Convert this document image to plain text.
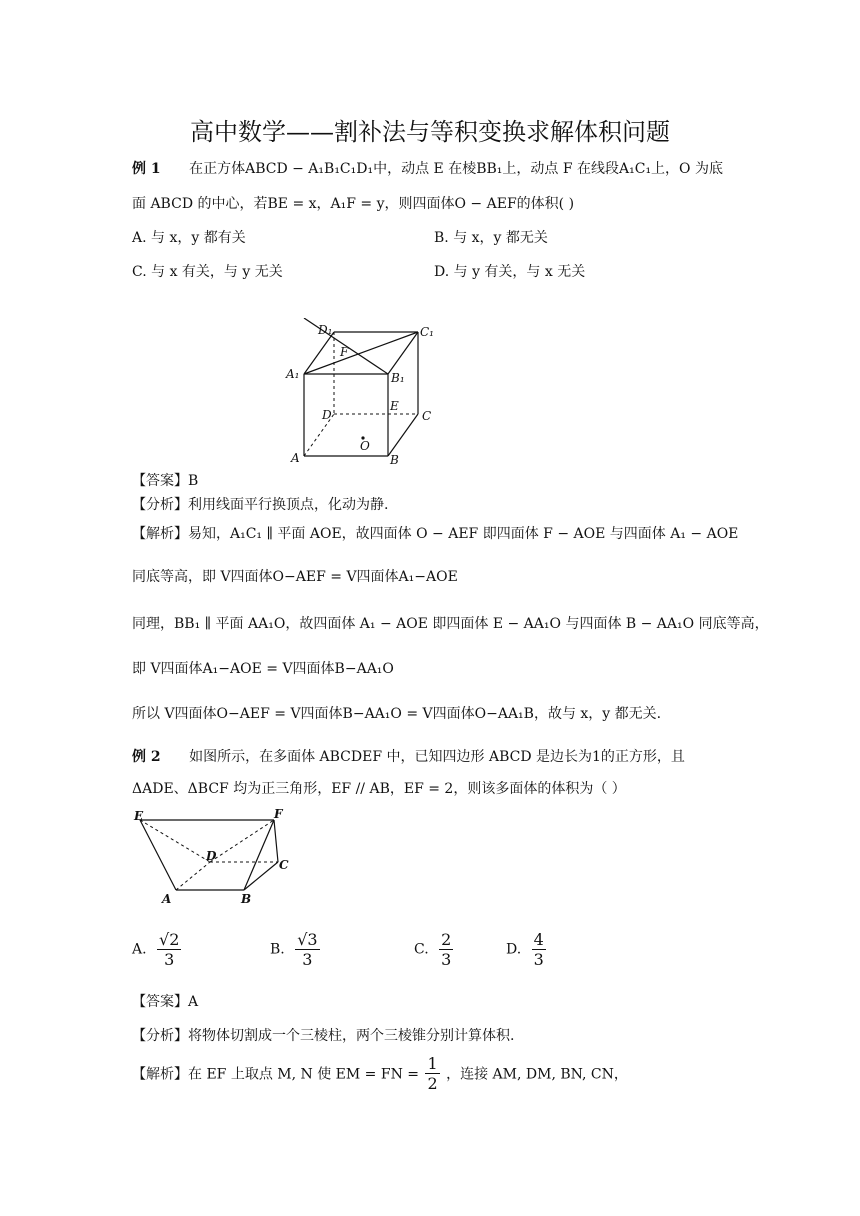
高中数学——割补法与等积变换求解体积问题
例 1 在正方体ABCD − A₁B₁C₁D₁中，动点 E 在棱BB₁上，动点 F 在线段A₁C₁上，O 为底
面 ABCD 的中心，若BE = x，A₁F = y，则四面体O − AEF的体积( )
A. 与 x，y 都有关	B. 与 x，y 都无关
C. 与 x 有关，与 y 无关	D. 与 y 有关，与 x 无关
D₁	C₁
F
A₁	B₁
D
E
C
O
A	B
【答案】B
【分析】利用线面平行换顶点，化动为静.
【解析】易知，A₁C₁ ∥ 平面 AOE，故四面体 O − AEF 即四面体 F − AOE 与四面体 A₁ − AOE
同底等高，即 V四面体O−AEF = V四面体A₁−AOE
同理，BB₁ ∥ 平面 AA₁O，故四面体 A₁ − AOE 即四面体 E − AA₁O 与四面体 B − AA₁O 同底等高，
即 V四面体A₁−AOE = V四面体B−AA₁O
所以 V四面体O−AEF = V四面体B−AA₁O = V四面体O−AA₁B，故与 x，y 都无关.
例 2 如图所示，在多面体 ABCDEF 中，已知四边形 ABCD 是边长为1的正方形，且
ΔADE、ΔBCF 均为正三角形，EF // AB，EF = 2，则该多面体的体积为（ ）
E	F
D
C
A	B
A. $\frac{√2}{3}$	B. $\frac{√3}{3}$	C. $\frac{2}{3}$	D. $\frac{4}{3}$
【答案】A
【分析】将物体切割成一个三棱柱，两个三棱锥分别计算体积.
【解析】在 EF 上取点 M, N 使 EM = FN = $\frac{1}{2}$ ，连接 AM, DM, BN, CN，
